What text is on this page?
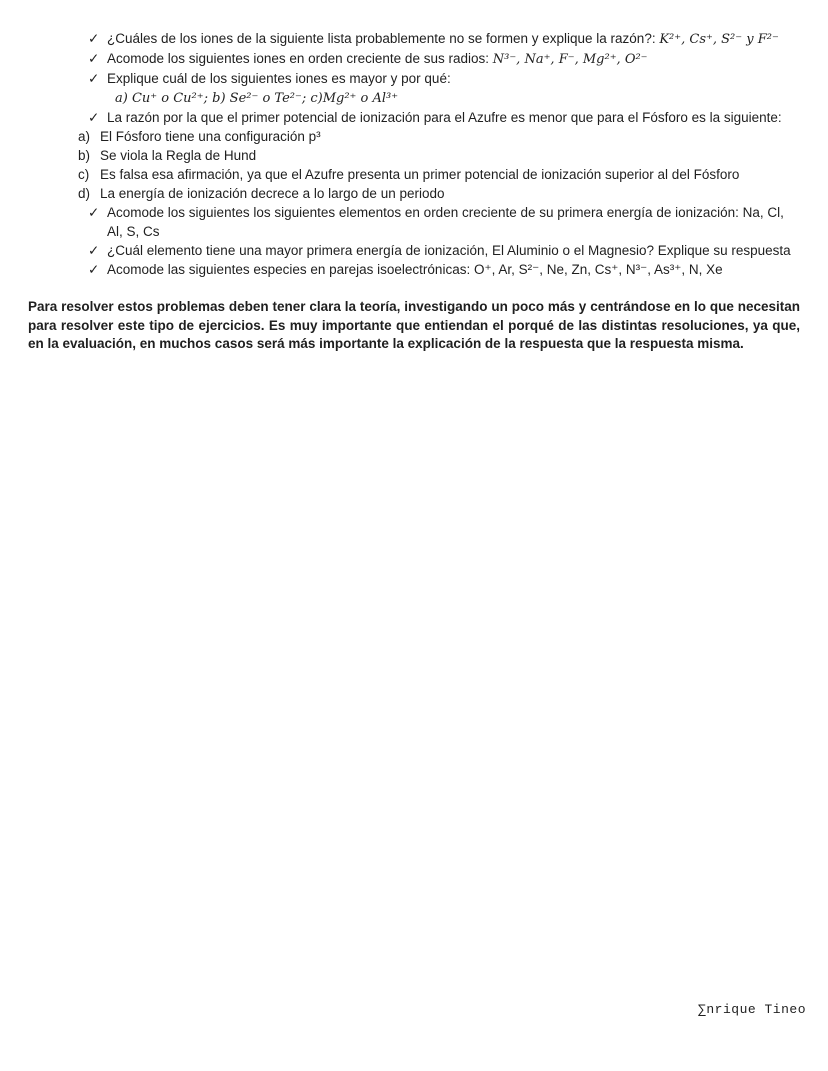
✓ ¿Cuáles de los iones de la siguiente lista probablemente no se formen y explique la razón?: K²⁺, Cs⁺, S²⁻ y F²⁻
✓ Acomode los siguientes iones en orden creciente de sus radios: N³⁻, Na⁺, F⁻, Mg²⁺, O²⁻
✓ Explique cuál de los siguientes iones es mayor y por qué:
a) Cu⁺ o Cu²⁺; b) Se²⁻ o Te²⁻; c)Mg²⁺ o Al³⁺
✓ La razón por la que el primer potencial de ionización para el Azufre es menor que para el Fósforo es la siguiente:
a) El Fósforo tiene una configuración p³
b) Se viola la Regla de Hund
c) Es falsa esa afirmación, ya que el Azufre presenta un primer potencial de ionización superior al del Fósforo
d) La energía de ionización decrece a lo largo de un periodo
✓ Acomode los siguientes los siguientes elementos en orden creciente de su primera energía de ionización: Na, Cl, Al, S, Cs
✓ ¿Cuál elemento tiene una mayor primera energía de ionización, El Aluminio o el Magnesio? Explique su respuesta
✓ Acomode las siguientes especies en parejas isoelectrónicas: O⁺, Ar, S²⁻, Ne, Zn, Cs⁺, N³⁻, As³⁺, N, Xe

Para resolver estos problemas deben tener clara la teoría, investigando un poco más y centrándose en lo que necesitan para resolver este tipo de ejercicios. Es muy importante que entiendan el porqué de las distintas resoluciones, ya que, en la evaluación, en muchos casos será más importante la explicación de la respuesta que la respuesta misma.

∑nrique Tineo
